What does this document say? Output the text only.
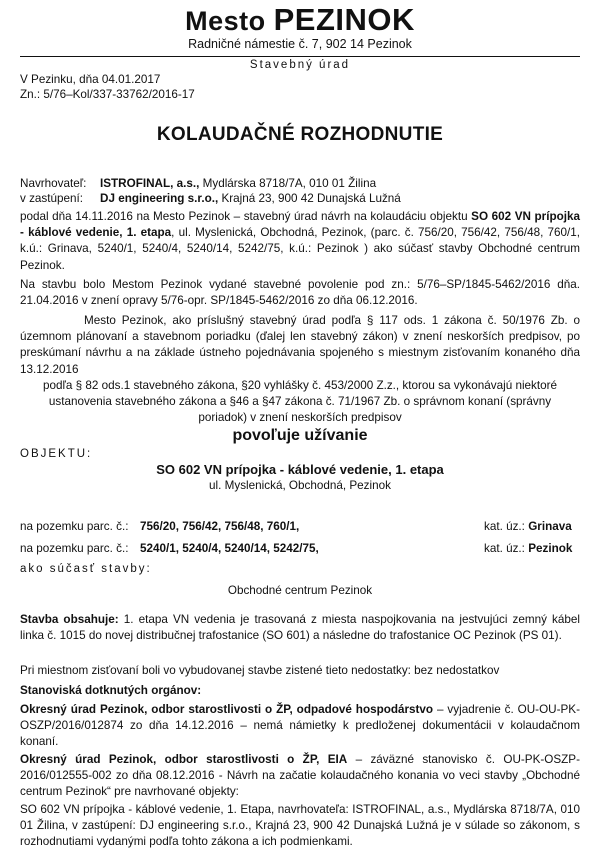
Mesto PEZINOK
Radničné námestie č. 7, 902 14 Pezinok
Stavebný úrad
V Pezinku, dňa 04.01.2017
Zn.: 5/76–Kol/337-33762/2016-17
KOLAUDAČNÉ ROZHODNUTIE
Navrhovateľ: ISTROFINAL, a.s., Mydlárska 8718/7A, 010 01 Žilina
v zastúpení: DJ engineering s.r.o., Krajná 23, 900 42 Dunajská Lužná
podal dňa 14.11.2016 na Mesto Pezinok – stavebný úrad návrh na kolaudáciu objektu SO 602 VN prípojka - káblové vedenie, 1. etapa, ul. Myslenická, Obchodná, Pezinok, (parc. č. 756/20, 756/42, 756/48, 760/1, k.ú.: Grinava, 5240/1, 5240/4, 5240/14, 5242/75, k.ú.: Pezinok ) ako súčasť stavby Obchodné centrum Pezinok.
Na stavbu bolo Mestom Pezinok vydané stavebné povolenie pod zn.: 5/76–SP/1845-5462/2016 dňa. 21.04.2016 v znení opravy 5/76-opr. SP/1845-5462/2016 zo dňa 06.12.2016.
Mesto Pezinok, ako príslušný stavebný úrad podľa § 117 ods. 1 zákona č. 50/1976 Zb. o územnom plánovaní a stavebnom poriadku (ďalej len stavebný zákon) v znení neskorších predpisov, po preskúmaní návrhu a na základe ústneho pojednávania spojeného s miestnym zisťovaním konaného dňa 13.12.2016
podľa § 82 ods.1 stavebného zákona, §20 vyhlášky č. 453/2000 Z.z., ktorou sa vykonávajú niektoré ustanovenia stavebného zákona a §46 a §47 zákona č. 71/1967 Zb. o správnom konaní (správny poriadok) v znení neskorších predpisov
povoľuje užívanie
OBJEKTU:
SO 602 VN prípojka - káblové vedenie, 1. etapa
ul. Myslenická, Obchodná, Pezinok
na pozemku parc. č.: 756/20, 756/42, 756/48, 760/1,	kat. úz.: Grinava
na pozemku parc. č.: 5240/1, 5240/4, 5240/14, 5242/75,	kat. úz.: Pezinok
ako súčasť stavby:
Obchodné centrum Pezinok
Stavba obsahuje: 1. etapa VN vedenia je trasovaná z miesta naspojkovania na jestvujúci zemný kábel linka č. 1015 do novej distribučnej trafostanice (SO 601) a následne do trafostanice OC Pezinok (PS 01).
Pri miestnom zisťovaní boli vo vybudovanej stavbe zistené tieto nedostatky: bez nedostatkov
Stanoviská dotknutých orgánov:
Okresný úrad Pezinok, odbor starostlivosti o ŽP, odpadové hospodárstvo – vyjadrenie č. OU-OU-PK-OSZP/2016/012874 zo dňa 14.12.2016 – nemá námietky k predloženej dokumentácii v kolaudačnom konaní.
Okresný úrad Pezinok, odbor starostlivosti o ŽP, EIA – záväzné stanovisko č. OU-PK-OSZP-2016/012555-002 zo dňa 08.12.2016 - Návrh na začatie kolaudačného konania vo veci stavby „Obchodné centrum Pezinok“ pre navrhované objekty:
SO 602 VN prípojka - káblové vedenie, 1. Etapa, navrhovateľa: ISTROFINAL, a.s., Mydlárska 8718/7A, 010 01 Žilina, v zastúpení: DJ engineering s.r.o., Krajná 23, 900 42 Dunajská Lužná je v súlade so zákonom, s rozhodnutiami vydanými podľa tohto zákona a ich podmienkami.
